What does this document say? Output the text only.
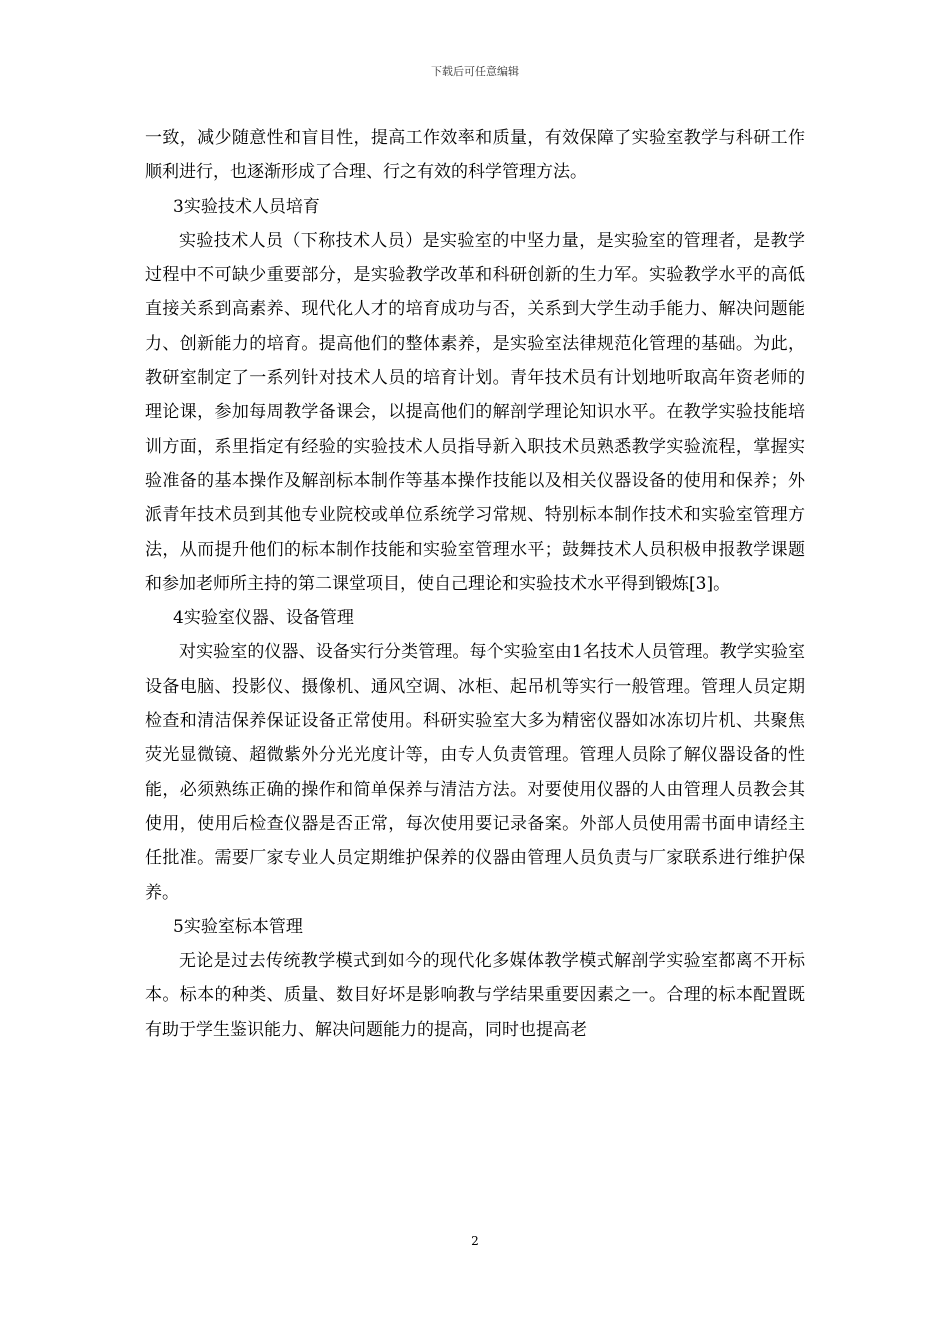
下载后可任意编辑

一致，减少随意性和盲目性，提高工作效率和质量，有效保障了实验室教学与科研工作顺利进行，也逐渐形成了合理、行之有效的科学管理方法。

3实验技术人员培育

实验技术人员（下称技术人员）是实验室的中坚力量，是实验室的管理者，是教学过程中不可缺少重要部分，是实验教学改革和科研创新的生力军。实验教学水平的高低直接关系到高素养、现代化人才的培育成功与否，关系到大学生动手能力、解决问题能力、创新能力的培育。提高他们的整体素养，是实验室法律规范化管理的基础。为此，教研室制定了一系列针对技术人员的培育计划。青年技术员有计划地听取高年资老师的理论课，参加每周教学备课会，以提高他们的解剖学理论知识水平。在教学实验技能培训方面，系里指定有经验的实验技术人员指导新入职技术员熟悉教学实验流程，掌握实验准备的基本操作及解剖标本制作等基本操作技能以及相关仪器设备的使用和保养；外派青年技术员到其他专业院校或单位系统学习常规、特别标本制作技术和实验室管理方法，从而提升他们的标本制作技能和实验室管理水平；鼓舞技术人员积极申报教学课题和参加老师所主持的第二课堂项目，使自己理论和实验技术水平得到锻炼[3]。

4实验室仪器、设备管理

对实验室的仪器、设备实行分类管理。每个实验室由1名技术人员管理。教学实验室设备电脑、投影仪、摄像机、通风空调、冰柜、起吊机等实行一般管理。管理人员定期检查和清洁保养保证设备正常使用。科研实验室大多为精密仪器如冰冻切片机、共聚焦荧光显微镜、超微紫外分光光度计等，由专人负责管理。管理人员除了解仪器设备的性能，必须熟练正确的操作和简单保养与清洁方法。对要使用仪器的人由管理人员教会其使用，使用后检查仪器是否正常，每次使用要记录备案。外部人员使用需书面申请经主任批准。需要厂家专业人员定期维护保养的仪器由管理人员负责与厂家联系进行维护保养。

5实验室标本管理

无论是过去传统教学模式到如今的现代化多媒体教学模式解剖学实验室都离不开标本。标本的种类、质量、数目好坏是影响教与学结果重要因素之一。合理的标本配置既有助于学生鉴识能力、解决问题能力的提高，同时也提高老

2
